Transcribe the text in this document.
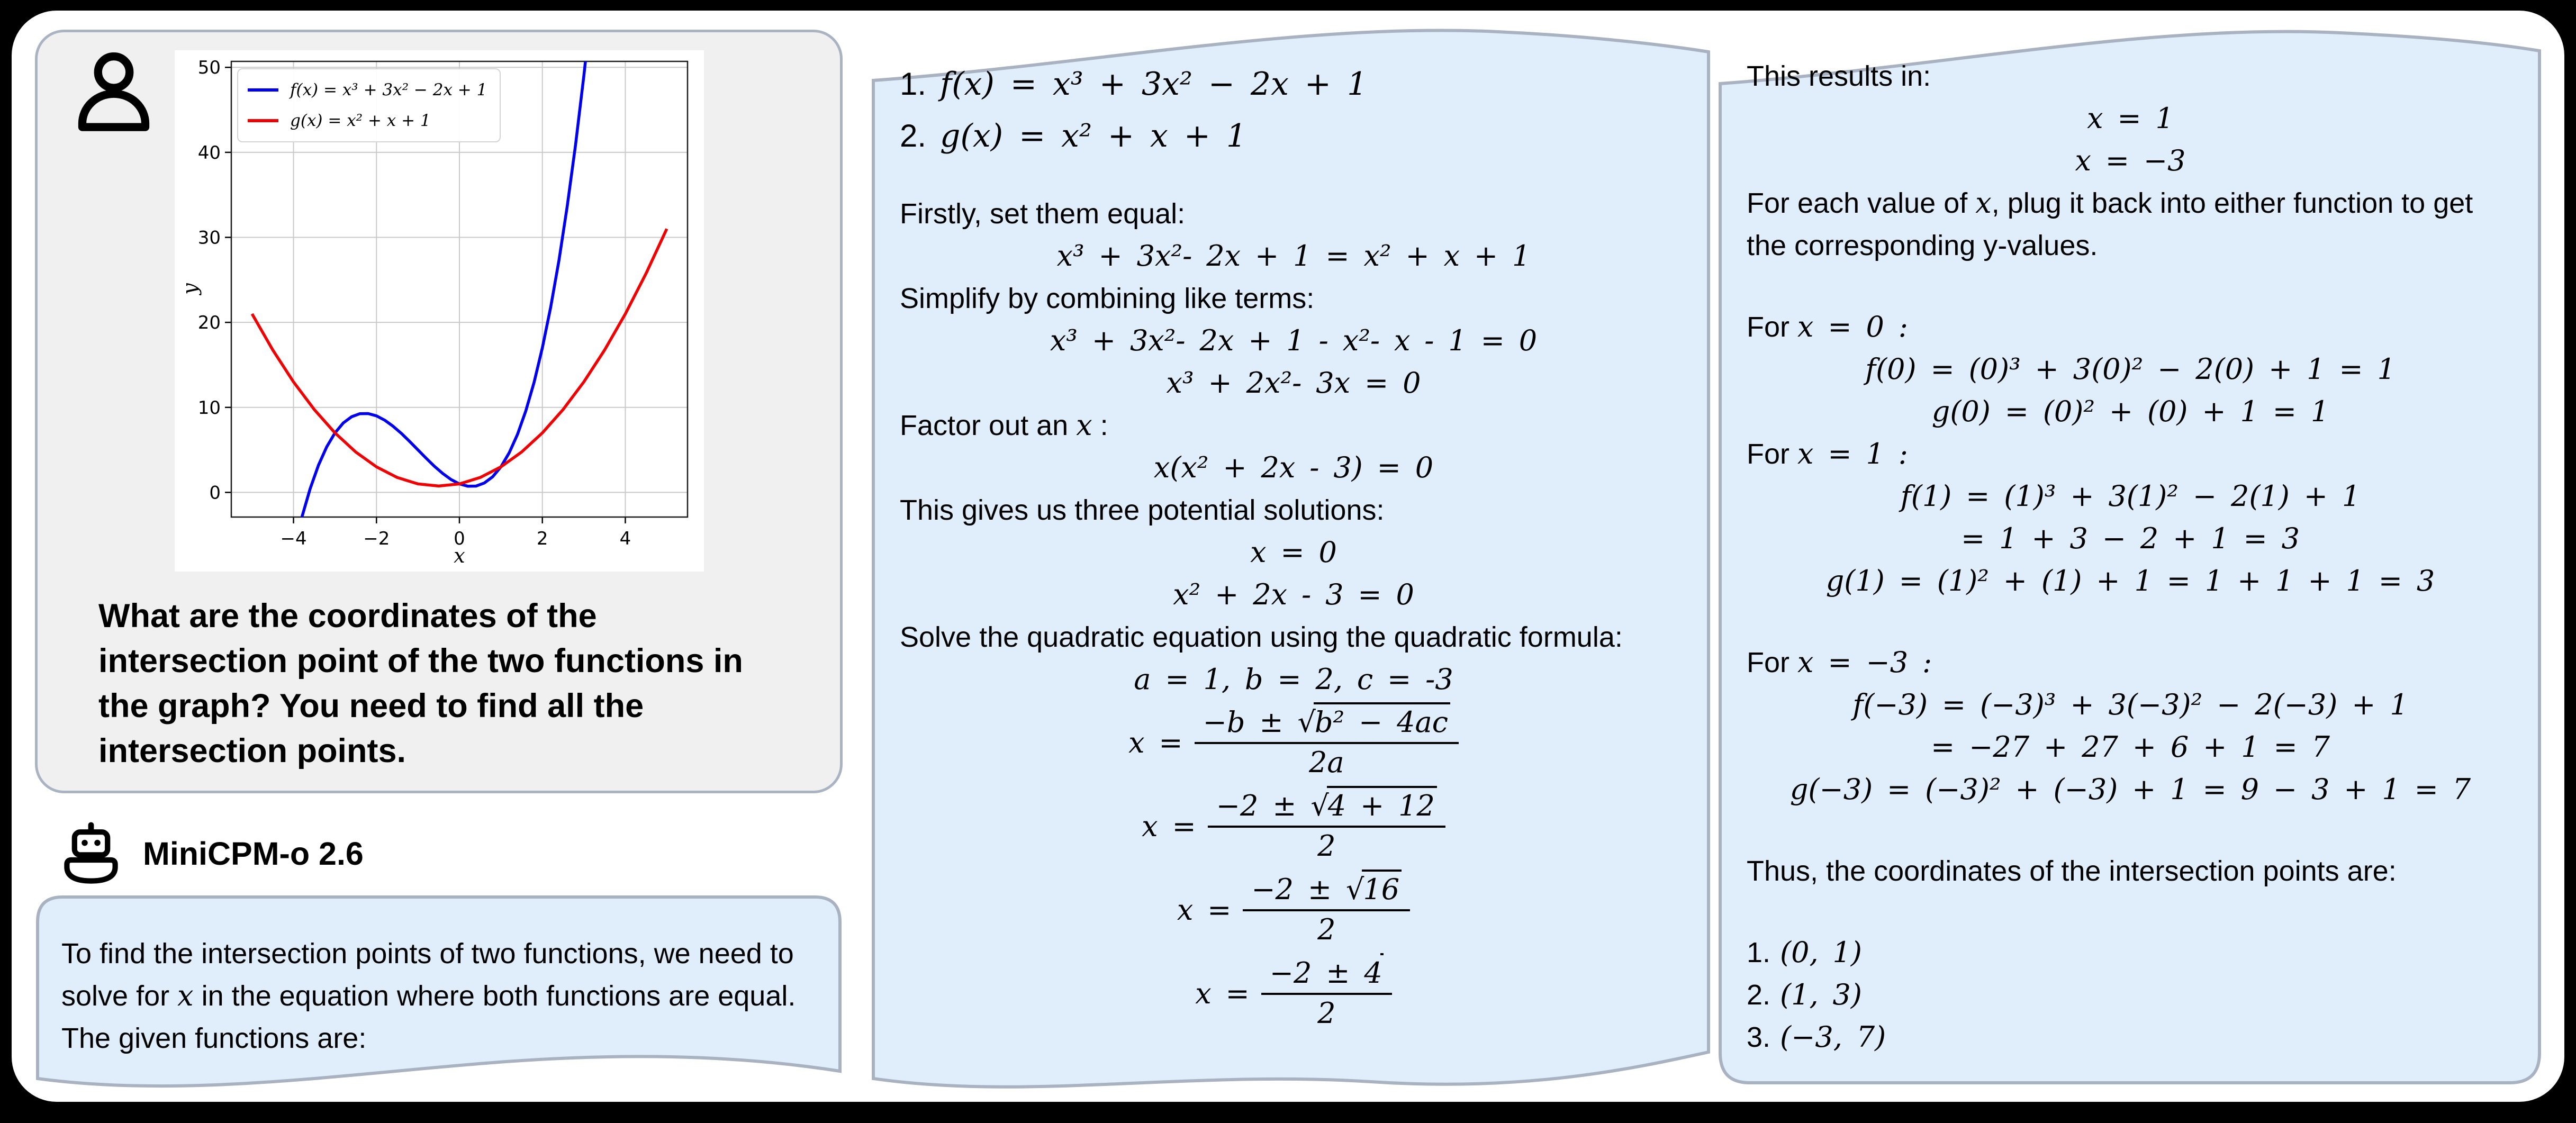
−4	−2	0	2	4
0
10
20
30
40
50
x
y
f(x) = x³ + 3x² − 2x + 1
g(x) = x² + x + 1
What are the coordinates of the intersection point of the two functions in the graph? You need to find all the intersection points.
MiniCPM-o 2.6
To find the intersection points of two functions, we need to solve for x in the equation where both functions are equal. The given functions are:
1. f(x) = x³ + 3x² − 2x + 1
2. g(x) = x² + x + 1
Firstly, set them equal:
x³ + 3x²- 2x + 1 = x² + x + 1
Simplify by combining like terms:
x³ + 3x²- 2x + 1 - x²- x - 1 = 0
x³ + 2x²- 3x = 0
Factor out an x :
x(x² + 2x - 3) = 0
This gives us three potential solutions:
x = 0
x² + 2x - 3 = 0
Solve the quadratic equation using the quadratic formula:
a = 1, b = 2, c = -3
$x = \frac{\text{−b ± √b² − 4ac}}{2a}$
$x = \frac{-2 \pm √4 + 12}{2}$
$x = \frac{-2 \pm √16}{2}$
$x = \frac{-2 \pm 4}{2}$
This results in:
x = 1
x = −3
For each value of x, plug it back into either function to get the corresponding y-values.
For x = 0 :
f(0) = (0)³ + 3(0)² − 2(0) + 1 = 1
g(0) = (0)² + (0) + 1 = 1
For x = 1 :
f(1) = (1)³ + 3(1)² − 2(1) + 1
= 1 + 3 − 2 + 1 = 3
g(1) = (1)² + (1) + 1 = 1 + 1 + 1 = 3
For x = −3 :
f(−3) = (−3)³ + 3(−3)² − 2(−3) + 1
= −27 + 27 + 6 + 1 = 7
g(−3) = (−3)² + (−3) + 1 = 9 − 3 + 1 = 7
Thus, the coordinates of the intersection points are:
1. (0, 1)
2. (1, 3)
3. (−3, 7)
